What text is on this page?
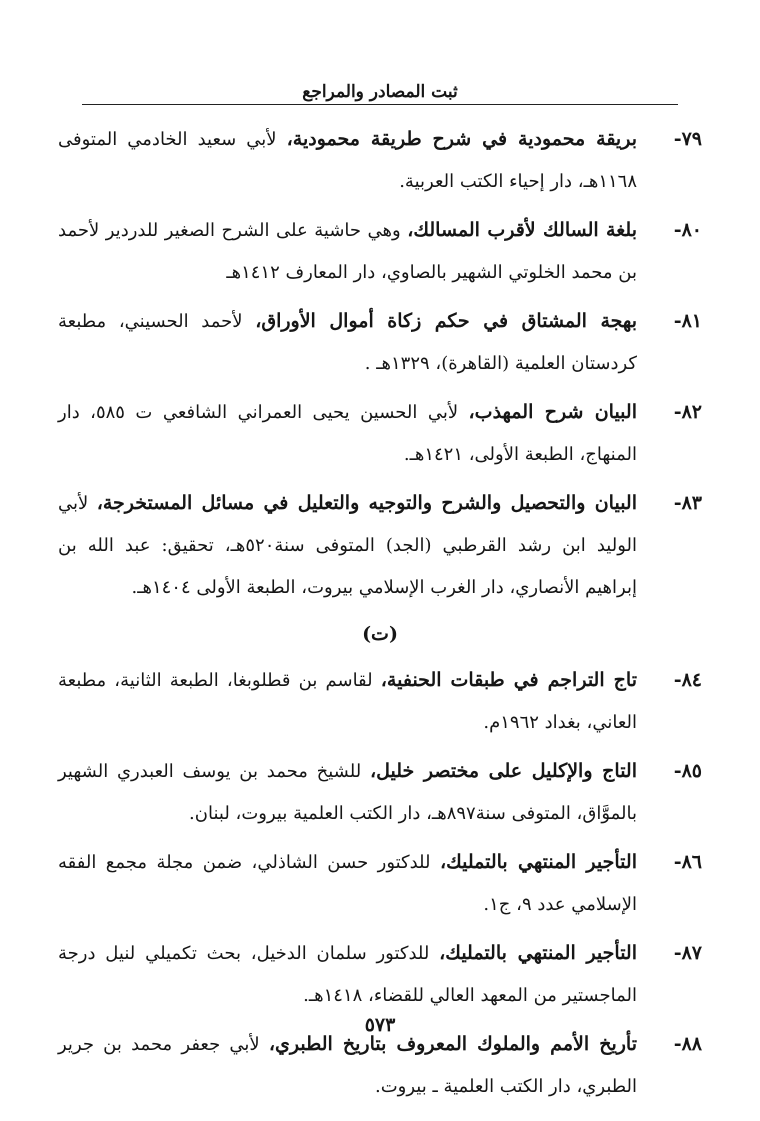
ثبت المصادر والمراجع
٧٩-
بريقة محمودية في شرح طريقة محمودية، لأبي سعيد الخادمي المتوفى ١١٦٨هـ، دار إحياء الكتب العربية.
٨٠-
بلغة السالك لأقرب المسالك، وهي حاشية على الشرح الصغير للدردير لأحمد بن محمد الخلوتي الشهير بالصاوي، دار المعارف ١٤١٢هـ
٨١-
بهجة المشتاق في حكم زكاة أموال الأوراق، لأحمد الحسيني، مطبعة كردستان العلمية (القاهرة)، ١٣٢٩هـ .
٨٢-
البيان شرح المهذب، لأبي الحسين يحيى العمراني الشافعي ت ٥٨٥، دار المنهاج، الطبعة الأولى، ١٤٢١هـ.
٨٣-
البيان والتحصيل والشرح والتوجيه والتعليل في مسائل المستخرجة، لأبي الوليد ابن رشد القرطبي (الجد) المتوفى سنة٥٢٠هـ، تحقيق: عبد الله بن إبراهيم الأنصاري، دار الغرب الإسلامي بيروت، الطبعة الأولى ١٤٠٤هـ.
(ت)
٨٤-
تاج التراجم في طبقات الحنفية، لقاسم بن قطلوبغا، الطبعة الثانية، مطبعة العاني، بغداد ١٩٦٢م.
٨٥-
التاج والإكليل على مختصر خليل، للشيخ محمد بن يوسف العبدري الشهير بالموَّاق، المتوفى سنة٨٩٧هـ، دار الكتب العلمية بيروت، لبنان.
٨٦-
التأجير المنتهي بالتمليك، للدكتور حسن الشاذلي، ضمن مجلة مجمع الفقه الإسلامي عدد ٩، ج١.
٨٧-
التأجير المنتهي بالتمليك، للدكتور سلمان الدخيل، بحث تكميلي لنيل درجة الماجستير من المعهد العالي للقضاء، ١٤١٨هـ.
٨٨-
تأريخ الأمم والملوك المعروف بتاريخ الطبري، لأبي جعفر محمد بن جرير الطبري، دار الكتب العلمية ـ بيروت.
٥٧٣
